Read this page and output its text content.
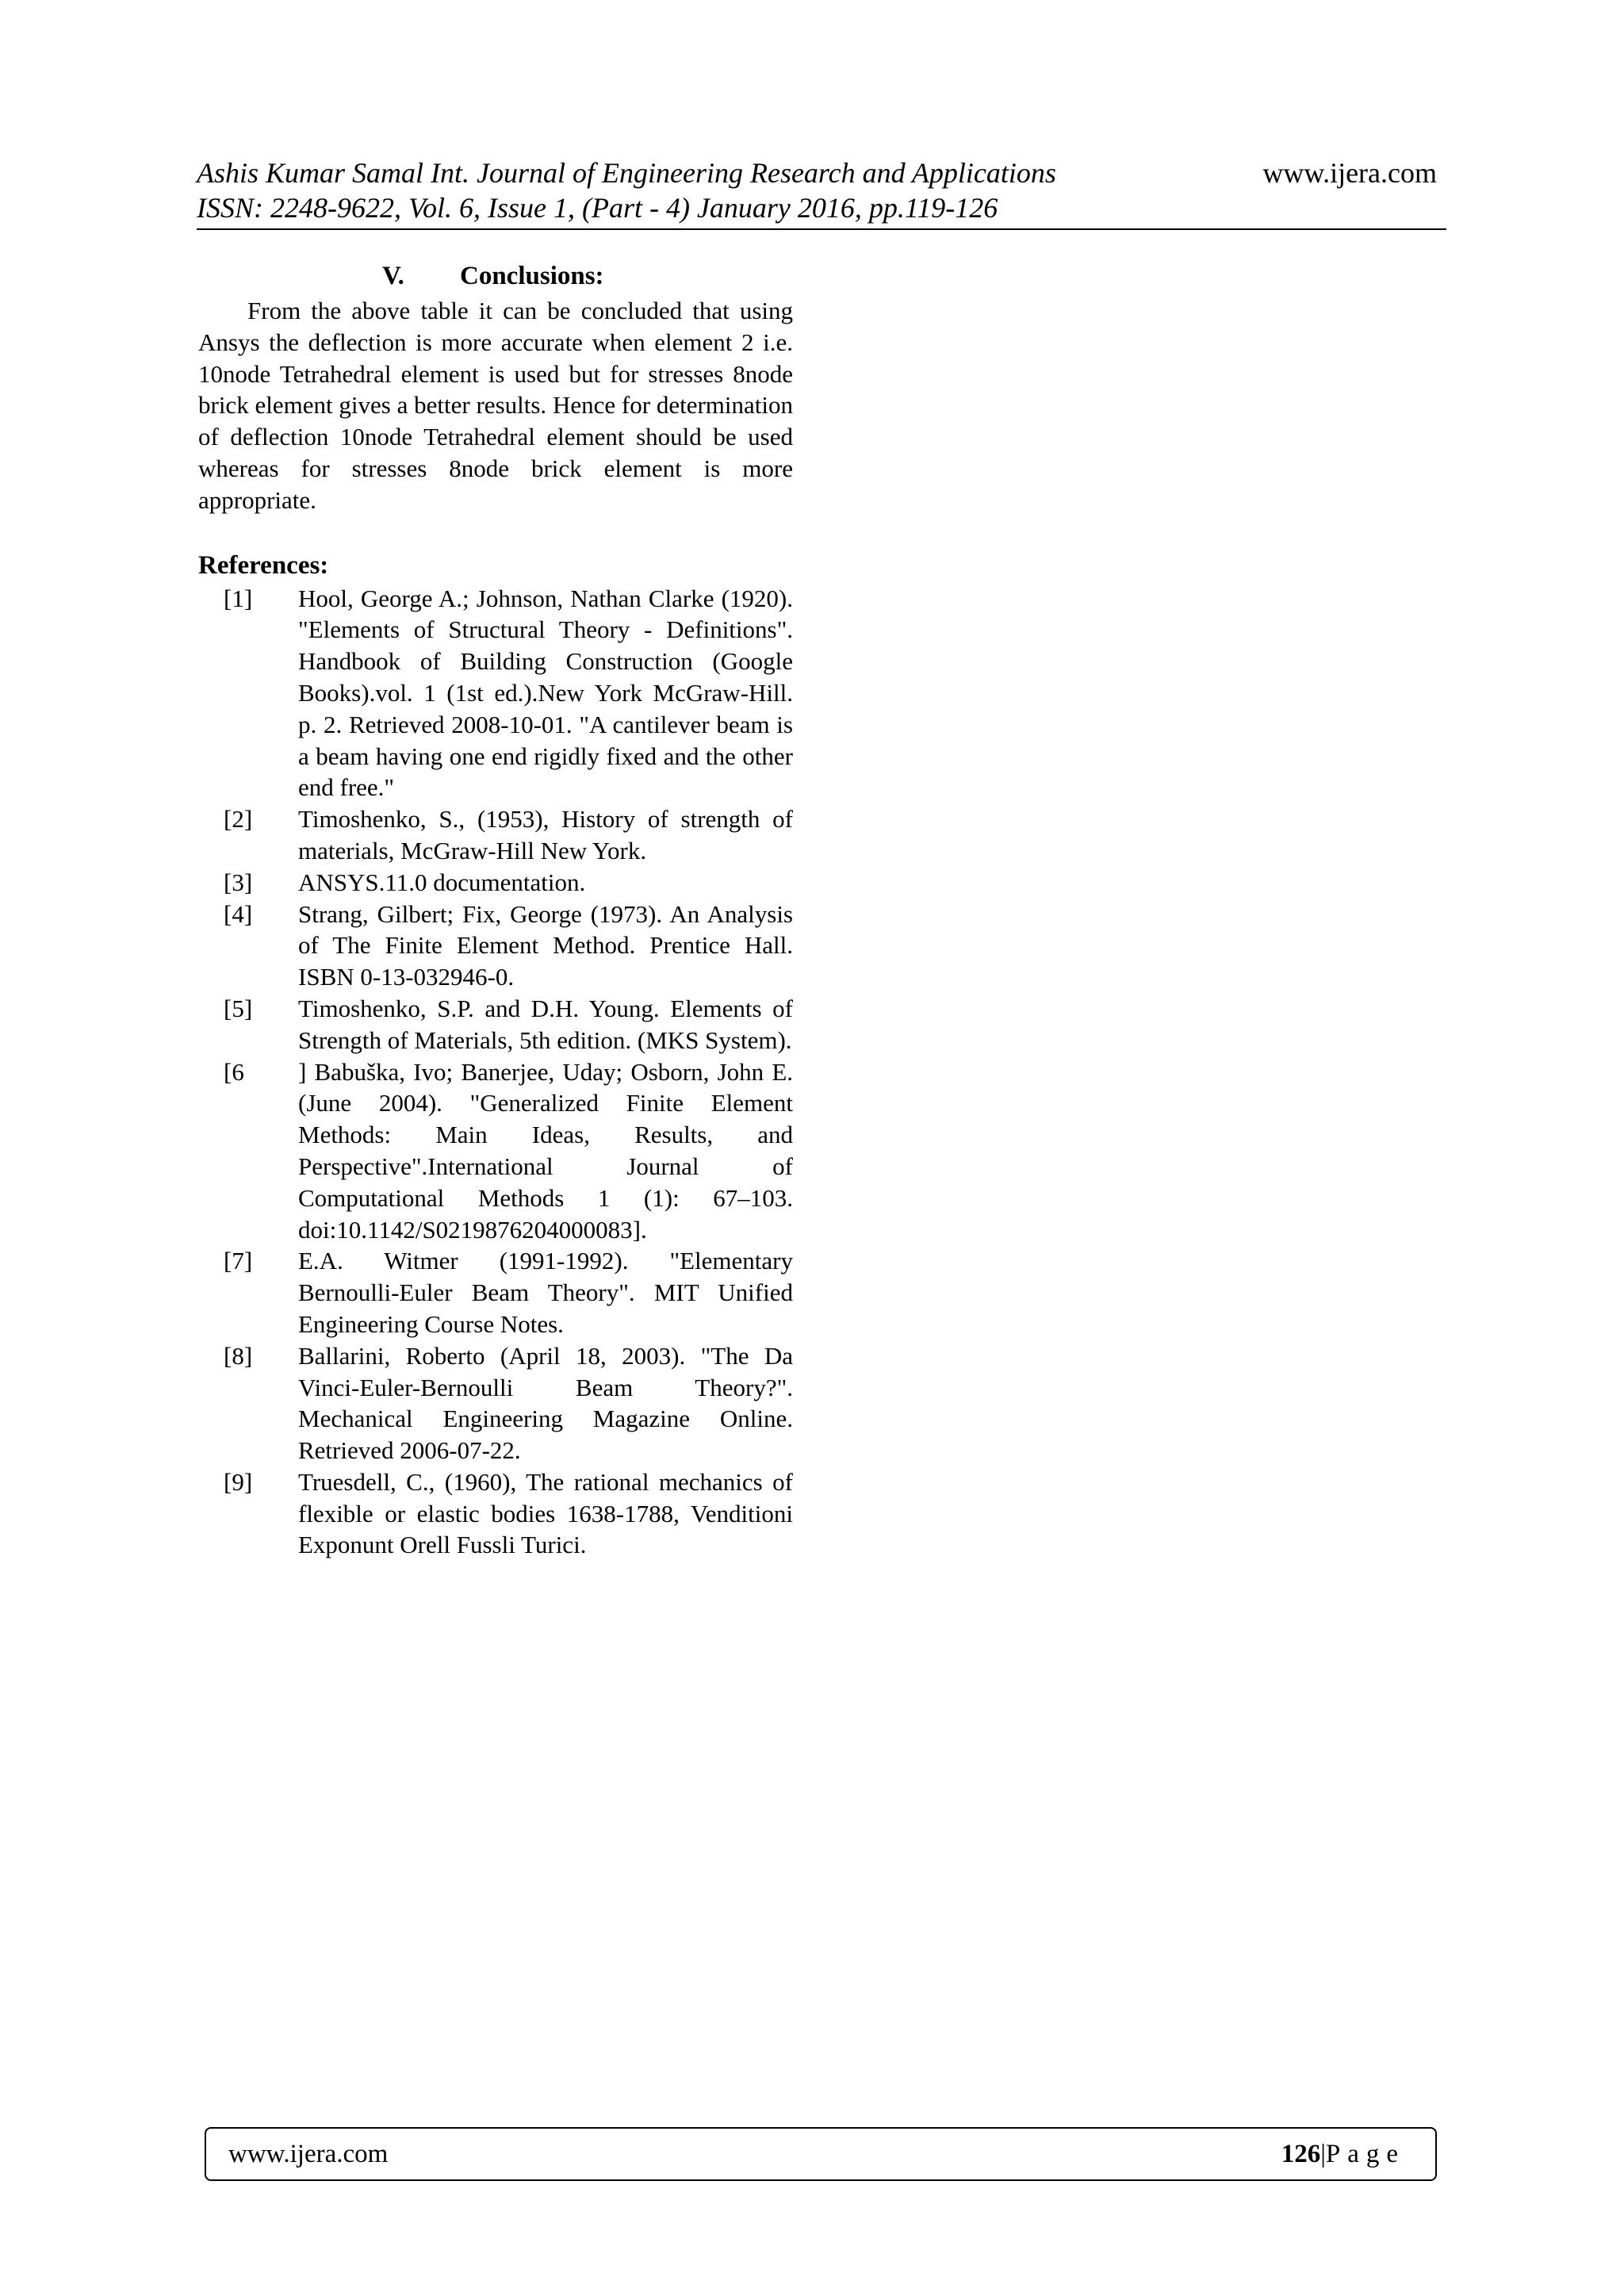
Ashis Kumar Samal Int. Journal of Engineering Research and Applications
ISSN: 2248-9622, Vol. 6, Issue 1, (Part - 4) January 2016, pp.119-126
www.ijera.com
V. Conclusions:

From the above table it can be concluded that using Ansys the deflection is more accurate when element 2 i.e. 10node Tetrahedral element is used but for stresses 8node brick element gives a better results. Hence for determination of deflection 10node Tetrahedral element should be used whereas for stresses 8node brick element is more appropriate.

References:
[1] Hool, George A.; Johnson, Nathan Clarke (1920). "Elements of Structural Theory - Definitions". Handbook of Building Construction (Google Books).vol. 1 (1st ed.).New York McGraw-Hill. p. 2. Retrieved 2008-10-01. "A cantilever beam is a beam having one end rigidly fixed and the other end free."
[2] Timoshenko, S., (1953), History of strength of materials, McGraw-Hill New York.
[3] ANSYS.11.0 documentation.
[4] Strang, Gilbert; Fix, George (1973). An Analysis of The Finite Element Method. Prentice Hall. ISBN 0-13-032946-0.
[5] Timoshenko, S.P. and D.H. Young. Elements of Strength of Materials, 5th edition. (MKS System).
[6 ] Babuška, Ivo; Banerjee, Uday; Osborn, John E. (June 2004). "Generalized Finite Element Methods: Main Ideas, Results, and Perspective".International Journal of Computational Methods 1 (1): 67–103. doi:10.1142/S0219876204000083].
[7] E.A. Witmer (1991-1992). "Elementary Bernoulli-Euler Beam Theory". MIT Unified Engineering Course Notes.
[8] Ballarini, Roberto (April 18, 2003). "The Da Vinci-Euler-Bernoulli Beam Theory?". Mechanical Engineering Magazine Online. Retrieved 2006-07-22.
[9] Truesdell, C., (1960), The rational mechanics of flexible or elastic bodies 1638-1788, Venditioni Exponunt Orell Fussli Turici.
www.ijera.com	126|Page
